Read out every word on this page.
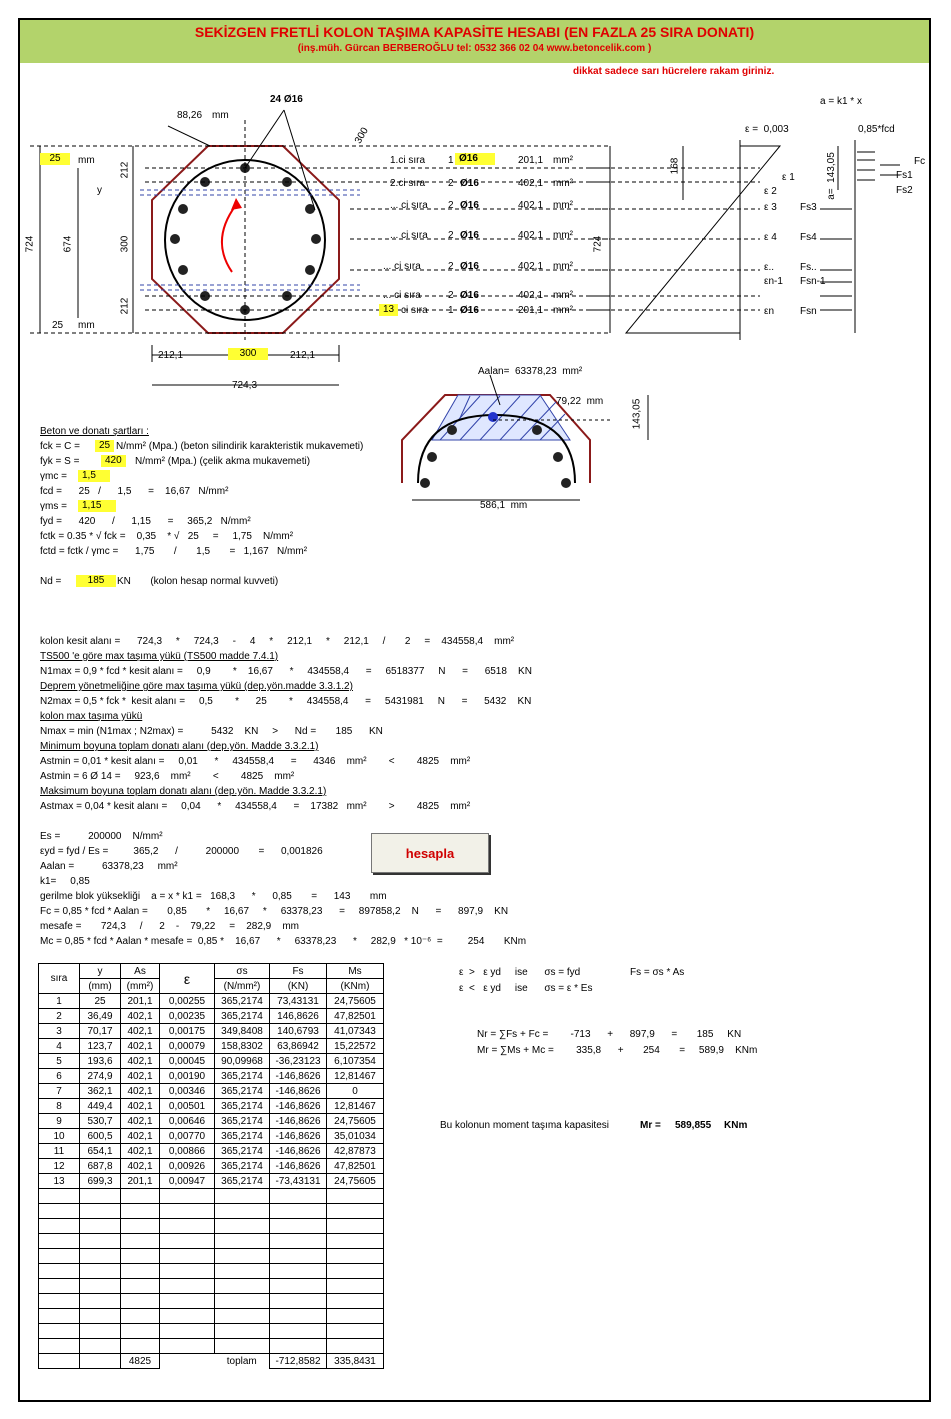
SEKİZGEN FRETLİ KOLON TAŞIMA KAPASİTE HESABI (EN FAZLA 25 SIRA DONATI)
(inş.müh. Gürcan BERBEROĞLU tel: 0532 366 02 04 www.betoncelik.com )
dikkat sadece sarı hücrelere rakam giriniz.
24 Ø16
88,26 mm
300
25	mm
y
724	674
212
300
212
25 mm
212,1	300	212,1
724,3
1.ci sıra 1 Ø16	201,1 mm²
2.ci sıra 2 Ø16	402,1 mm²
... ci sıra 2 Ø16	402,1 mm²
... ci sıra 2 Ø16	402,1 mm²
... ci sıra	2 Ø16	402,1 mm²
... ci sıra	2 Ø16	402,1 mm²
13 ci sıra 1 Ø16	201,1 mm²
a = k1 * x
ε =  0,003	0,85*fcd
168
724
a=  143,05
ε 1
ε 2
ε 3
ε 4
ε..
εn-1
εn
Fc
Fs1
Fs2
Fs3
Fs4
Fs..
Fsn-1
Fsn
Aalan=  63378,23  mm²
79,22  mm	143,05
586,1  mm
Beton ve donatı şartları :
fck = C =	25 N/mm² (Mpa.) (beton silindirik karakteristik mukavemeti)
fyk = S =	420	N/mm² (Mpa.) (çelik akma mukavemeti)
γmc =	1,5
fcd =      25   /      1,5      =    16,67   N/mm²
γms =	1,15
fyd =      420      /      1,15      =     365,2   N/mm²
fctk = 0.35 * √ fck =    0,35    * √   25     =     1,75    N/mm²
fctd = fctk / γmc =      1,75       /       1,5       =   1,167   N/mm²
Nd =	185	KN       (kolon hesap normal kuvveti)
kolon kesit alanı =      724,3     *     724,3     -     4     *     212,1     *     212,1     /       2     =    434558,4    mm²
TS500 'e göre max taşıma yükü (TS500 madde 7.4.1)
N1max = 0,9 * fcd * kesit alanı =     0,9        *    16,67      *     434558,4      =     6518377     N      =      6518    KN
Deprem yönetmeliğine göre max taşıma yükü (dep.yön.madde 3.3.1.2)
N2max = 0,5 * fck *  kesit alanı =     0,5        *      25        *     434558,4      =     5431981     N      =      5432    KN
kolon max taşıma yükü
Nmax = min (N1max ; N2max) =          5432    KN     >      Nd =       185      KN
Minimum boyuna toplam donatı alanı (dep.yön. Madde 3.3.2.1)
Astmin = 0,01 * kesit alanı =     0,01      *     434558,4      =      4346    mm²        <        4825    mm²
Astmin = 6 Ø 14 =     923,6    mm²        <        4825    mm²
Maksimum boyuna toplam donatı alanı (dep.yön. Madde 3.3.2.1)
Astmax = 0,04 * kesit alanı =     0,04      *     434558,4      =    17382   mm²        >        4825    mm²
Es =          200000    N/mm²
εyd = fyd / Es =         365,2      /          200000       =      0,001826
Aalan =          63378,23     mm²
k1=     0,85
gerilme blok yüksekliği    a = x * k1 =   168,3      *      0,85       =      143       mm
Fc = 0,85 * fcd * Aalan =       0,85       *     16,67     *     63378,23      =     897858,2    N      =      897,9    KN
mesafe =       724,3     /      2    -    79,22     =    282,9    mm
Mc = 0,85 * fcd * Aalan * mesafe =  0,85 *    16,67      *     63378,23      *     282,9   * 10⁻⁶  =         254       KNm
hesapla
sıra	y	As	ε	σs	Fs	Ms
	(mm)	(mm²)		(N/mm²)	(KN)	(KNm)
1	25	201,1	0,00255	365,2174	73,43131	24,75605
2	36,49	402,1	0,00235	365,2174	146,8626	47,82501
3	70,17	402,1	0,00175	349,8408	140,6793	41,07343
4	123,7	402,1	0,00079	158,8302	63,86942	15,22572
5	193,6	402,1	0,00045	90,09968	-36,23123	6,107354
6	274,9	402,1	0,00190	365,2174	-146,8626	12,81467
7	362,1	402,1	0,00346	365,2174	-146,8626	0
8	449,4	402,1	0,00501	365,2174	-146,8626	12,81467
9	530,7	402,1	0,00646	365,2174	-146,8626	24,75605
10	600,5	402,1	0,00770	365,2174	-146,8626	35,01034
11	654,1	402,1	0,00866	365,2174	-146,8626	42,87873
12	687,8	402,1	0,00926	365,2174	-146,8626	47,82501
13	699,3	201,1	0,00947	365,2174	-73,43131	24,75605

		4825		toplam	-712,8582	335,8431
ε  >   ε yd     ise      σs = fyd	Fs = σs * As
ε  <   ε yd     ise      σs = ε * Es
Nr = ∑Fs + Fc =        -713      +      897,9      =       185     KN
Mr = ∑Ms + Mc =        335,8      +       254       =     589,9    KNm
Bu kolonun moment taşıma kapasitesi	Mr = 589,855 KNm
